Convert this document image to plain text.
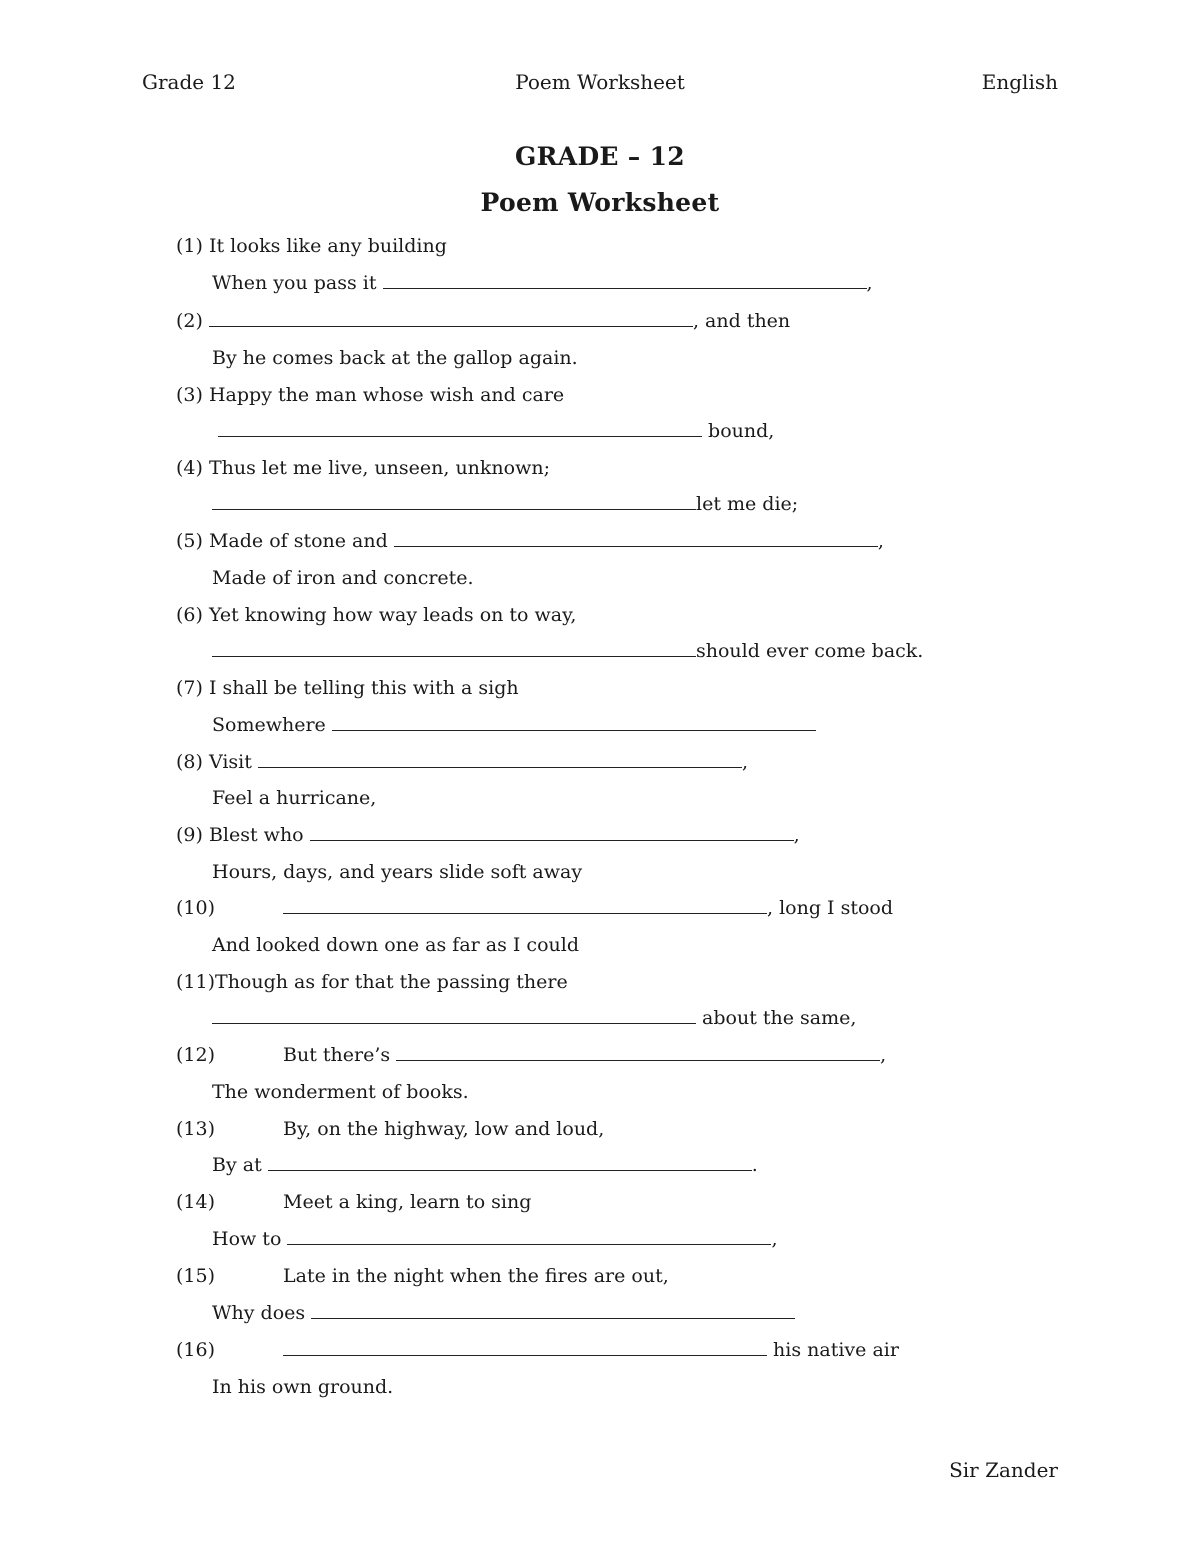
Grade 12	Poem Worksheet	English
GRADE – 12
Poem Worksheet
(1) It looks like any building
When you pass it	,
(2)	, and then
By he comes back at the gallop again.
(3) Happy the man whose wish and care
bound,
(4) Thus let me live, unseen, unknown;
let me die;
(5) Made of stone and	,
Made of iron and concrete.
(6) Yet knowing how way leads on to way,
should ever come back.
(7) I shall be telling this with a sigh
Somewhere
(8) Visit	,
Feel a hurricane,
(9) Blest who	,
Hours, days, and years slide soft away
(10)	, long I stood
And looked down one as far as I could
(11)Though as for that the passing there
about the same,
(12)	But there’s	,
The wonderment of books.
(13)	By, on the highway, low and loud,
By at	.
(14)	Meet a king, learn to sing
How to	,
(15)	Late in the night when the fires are out,
Why does
(16)	his native air
In his own ground.
Sir Zander
